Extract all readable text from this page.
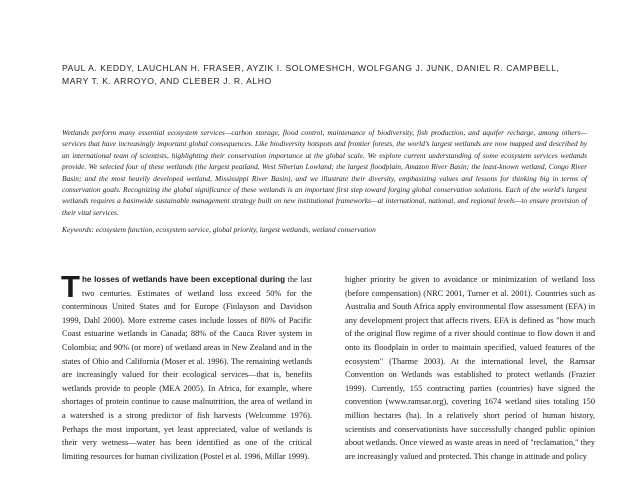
PAUL A. KEDDY, LAUCHLAN H. FRASER, AYZIK I. SOLOMESHCH, WOLFGANG J. JUNK, DANIEL R. CAMPBELL,
MARY T. K. ARROYO, AND CLEBER J. R. ALHO
Wetlands perform many essential ecosystem services—carbon storage, flood control, maintenance of biodiversity, fish production, and aquifer recharge, among others—services that have increasingly important global consequences. Like biodiversity hotspots and frontier forests, the world's largest wetlands are now mapped and described by an international team of scientists, highlighting their conservation importance at the global scale. We explore current understanding of some ecosystem services wetlands provide. We selected four of these wetlands (the largest peatland, West Siberian Lowland; the largest floodplain, Amazon River Basin; the least-known wetland, Congo River Basin; and the most heavily developed wetland, Mississippi River Basin), and we illustrate their diversity, emphasizing values and lessons for thinking big in terms of conservation goals. Recognizing the global significance of these wetlands is an important first step toward forging global conservation solutions. Each of the world's largest wetlands requires a basinwide sustainable management strategy built on new institutional frameworks—at international, national, and regional levels—to ensure provision of their vital services.
Keywords: ecosystem function, ecosystem service, global priority, largest wetlands, wetland conservation
The losses of wetlands have been exceptional during the last two centuries. Estimates of wetland loss exceed 50% for the conterminous United States and for Europe (Finlayson and Davidson 1999, Dahl 2000). More extreme cases include losses of 80% of Pacific Coast estuarine wetlands in Canada; 88% of the Cauca River system in Colombia; and 90% (or more) of wetland areas in New Zealand and in the states of Ohio and California (Moser et al. 1996). The remaining wetlands are increasingly valued for their ecological services—that is, benefits wetlands provide to people (MEA 2005). In Africa, for example, where shortages of protein continue to cause malnutrition, the area of wetland in a watershed is a strong predictor of fish harvests (Welcomme 1976). Perhaps the most important, yet least appreciated, value of wetlands is their very wetness—water has been identified as one of the critical limiting resources for human civilization (Postel et al. 1996, Millar 1999).
higher priority be given to avoidance or minimization of wetland loss (before compensation) (NRC 2001, Turner et al. 2001). Countries such as Australia and South Africa apply environmental flow assessment (EFA) in any development project that affects rivers. EFA is defined as "how much of the original flow regime of a river should continue to flow down it and onto its floodplain in order to maintain specified, valued features of the ecosystem" (Tharme 2003). At the international level, the Ramsar Convention on Wetlands was established to protect wetlands (Frazier 1999). Currently, 155 contracting parties (countries) have signed the convention (www.ramsar.org), covering 1674 wetland sites totaling 150 million hectares (ha). In a relatively short period of human history, scientists and conservationists have successfully changed public opinion about wetlands. Once viewed as waste areas in need of "reclamation," they are increasingly valued and protected. This change in attitude and policy
